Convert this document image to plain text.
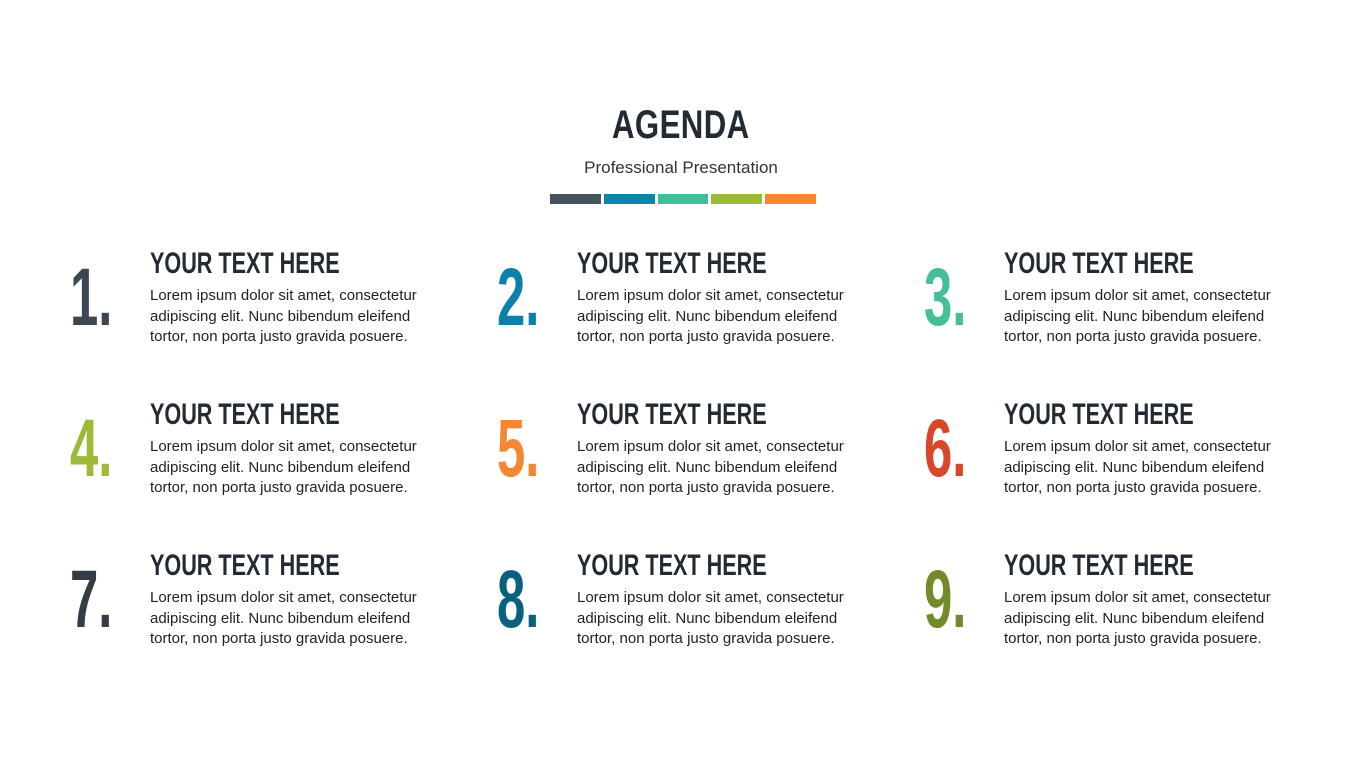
AGENDA
Professional Presentation
1. YOUR TEXT HERE
Lorem ipsum dolor sit amet, consectetur adipiscing elit. Nunc bibendum eleifend tortor, non porta justo gravida posuere.	2. YOUR TEXT HERE
Lorem ipsum dolor sit amet, consectetur adipiscing elit. Nunc bibendum eleifend tortor, non porta justo gravida posuere.	3. YOUR TEXT HERE
Lorem ipsum dolor sit amet, consectetur adipiscing elit. Nunc bibendum eleifend tortor, non porta justo gravida posuere.
4. YOUR TEXT HERE
Lorem ipsum dolor sit amet, consectetur adipiscing elit. Nunc bibendum eleifend tortor, non porta justo gravida posuere.	5. YOUR TEXT HERE
Lorem ipsum dolor sit amet, consectetur adipiscing elit. Nunc bibendum eleifend tortor, non porta justo gravida posuere.	6. YOUR TEXT HERE
Lorem ipsum dolor sit amet, consectetur adipiscing elit. Nunc bibendum eleifend tortor, non porta justo gravida posuere.
7. YOUR TEXT HERE
Lorem ipsum dolor sit amet, consectetur adipiscing elit. Nunc bibendum eleifend tortor, non porta justo gravida posuere.	8. YOUR TEXT HERE
Lorem ipsum dolor sit amet, consectetur adipiscing elit. Nunc bibendum eleifend tortor, non porta justo gravida posuere.	9. YOUR TEXT HERE
Lorem ipsum dolor sit amet, consectetur adipiscing elit. Nunc bibendum eleifend tortor, non porta justo gravida posuere.
